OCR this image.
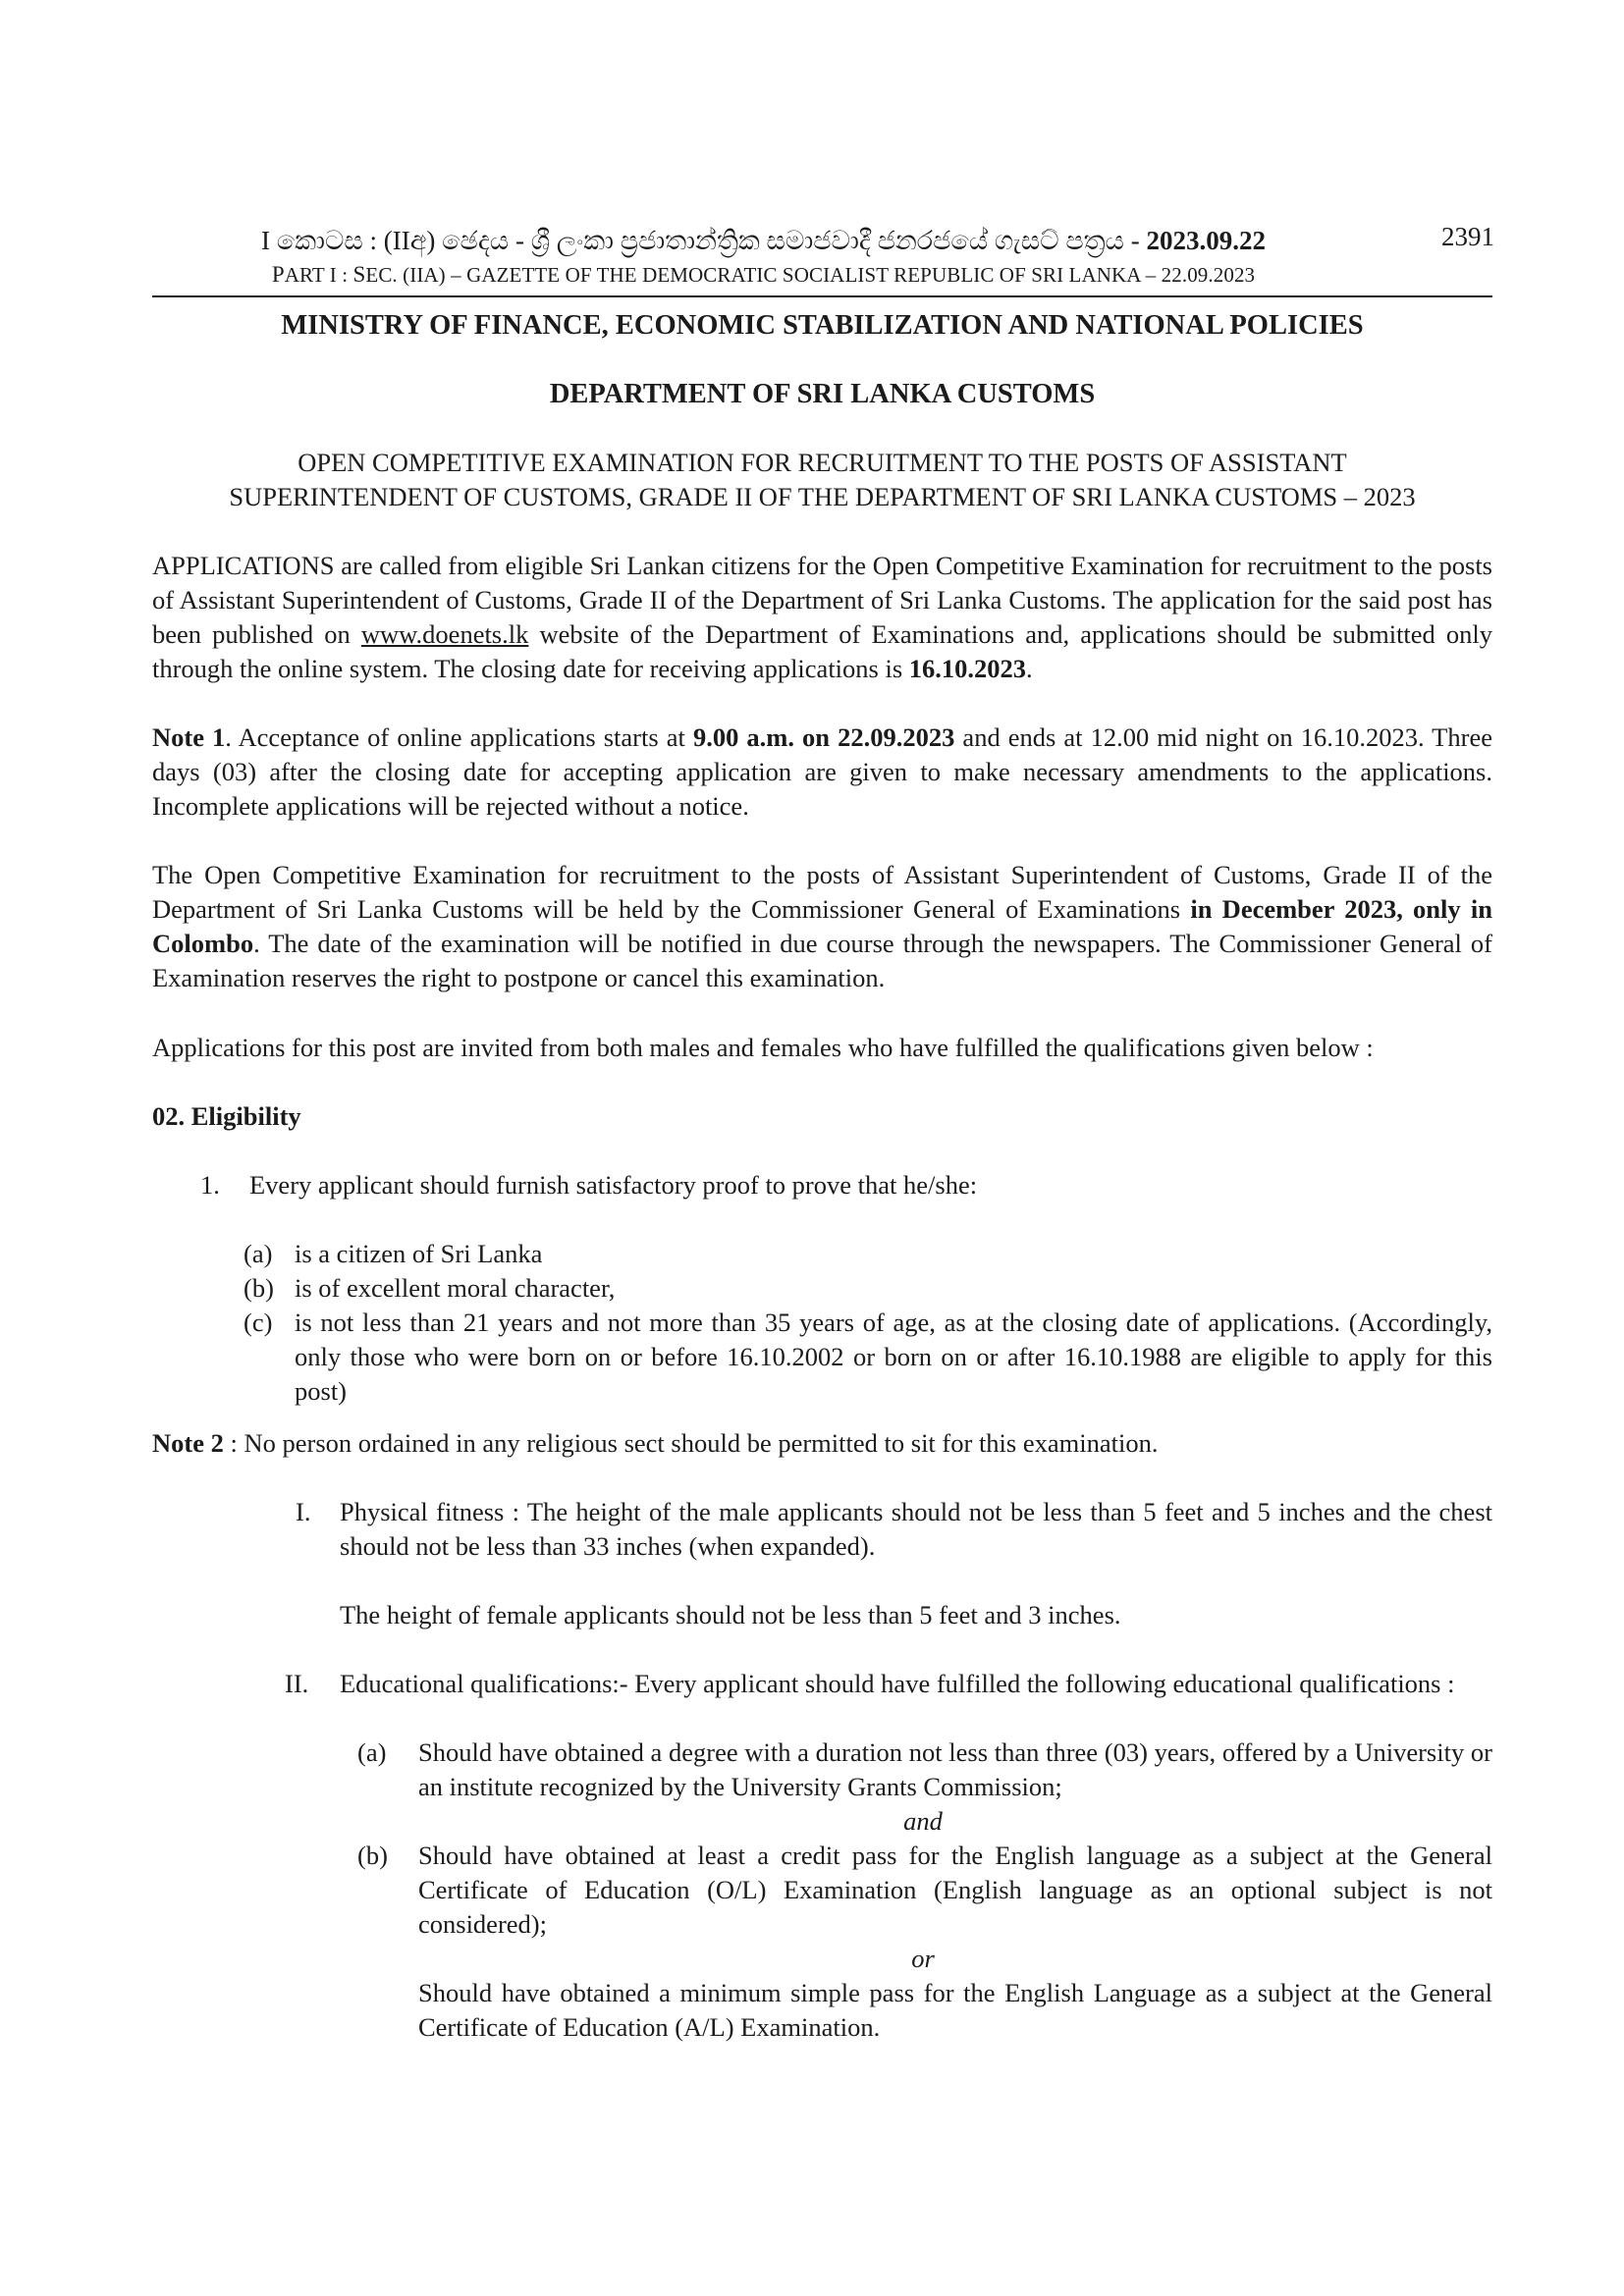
I කොටස : (IIඅ) ඡෙදය - ශ්‍රී ලංකා ප්‍රජාතාන්ත්‍රික සමාජවාදී ජනරජයේ ගැසට් පත්‍රය - 2023.09.22	2391
PART I : SEC. (IIA) – GAZETTE OF THE DEMOCRATIC SOCIALIST REPUBLIC OF SRI LANKA – 22.09.2023
MINISTRY OF FINANCE, ECONOMIC STABILIZATION AND NATIONAL POLICIES
DEPARTMENT OF SRI LANKA CUSTOMS
OPEN COMPETITIVE EXAMINATION FOR RECRUITMENT TO THE POSTS OF ASSISTANT
SUPERINTENDENT OF CUSTOMS, GRADE II OF THE DEPARTMENT OF SRI LANKA CUSTOMS – 2023
APPLICATIONS are called from eligible Sri Lankan citizens for the Open Competitive Examination for recruitment to the posts of Assistant Superintendent of Customs, Grade II of the Department of Sri Lanka Customs. The application for the said post has been published on www.doenets.lk website of the Department of Examinations and, applications should be submitted only through the online system. The closing date for receiving applications is 16.10.2023.
Note 1. Acceptance of online applications starts at 9.00 a.m. on 22.09.2023 and ends at 12.00 mid night on 16.10.2023. Three days (03) after the closing date for accepting application are given to make necessary amendments to the applications. Incomplete applications will be rejected without a notice.
The Open Competitive Examination for recruitment to the posts of Assistant Superintendent of Customs, Grade II of the Department of Sri Lanka Customs will be held by the Commissioner General of Examinations in December 2023, only in Colombo. The date of the examination will be notified in due course through the newspapers. The Commissioner General of Examination reserves the right to postpone or cancel this examination.
Applications for this post are invited from both males and females who have fulfilled the qualifications given below :
02. Eligibility
1. Every applicant should furnish satisfactory proof to prove that he/she:
(a) is a citizen of Sri Lanka
(b) is of excellent moral character,
(c) is not less than 21 years and not more than 35 years of age, as at the closing date of applications. (Accordingly, only those who were born on or before 16.10.2002 or born on or after 16.10.1988 are eligible to apply for this post)
Note 2 : No person ordained in any religious sect should be permitted to sit for this examination.
I. Physical fitness : The height of the male applicants should not be less than 5 feet and 5 inches and the chest should not be less than 33 inches (when expanded).
The height of female applicants should not be less than 5 feet and 3 inches.
II. Educational qualifications:- Every applicant should have fulfilled the following educational qualifications :
(a) Should have obtained a degree with a duration not less than three (03) years, offered by a University or an institute recognized by the University Grants Commission;
and
(b) Should have obtained at least a credit pass for the English language as a subject at the General Certificate of Education (O/L) Examination (English language as an optional subject is not considered);
or
Should have obtained a minimum simple pass for the English Language as a subject at the General Certificate of Education (A/L) Examination.
